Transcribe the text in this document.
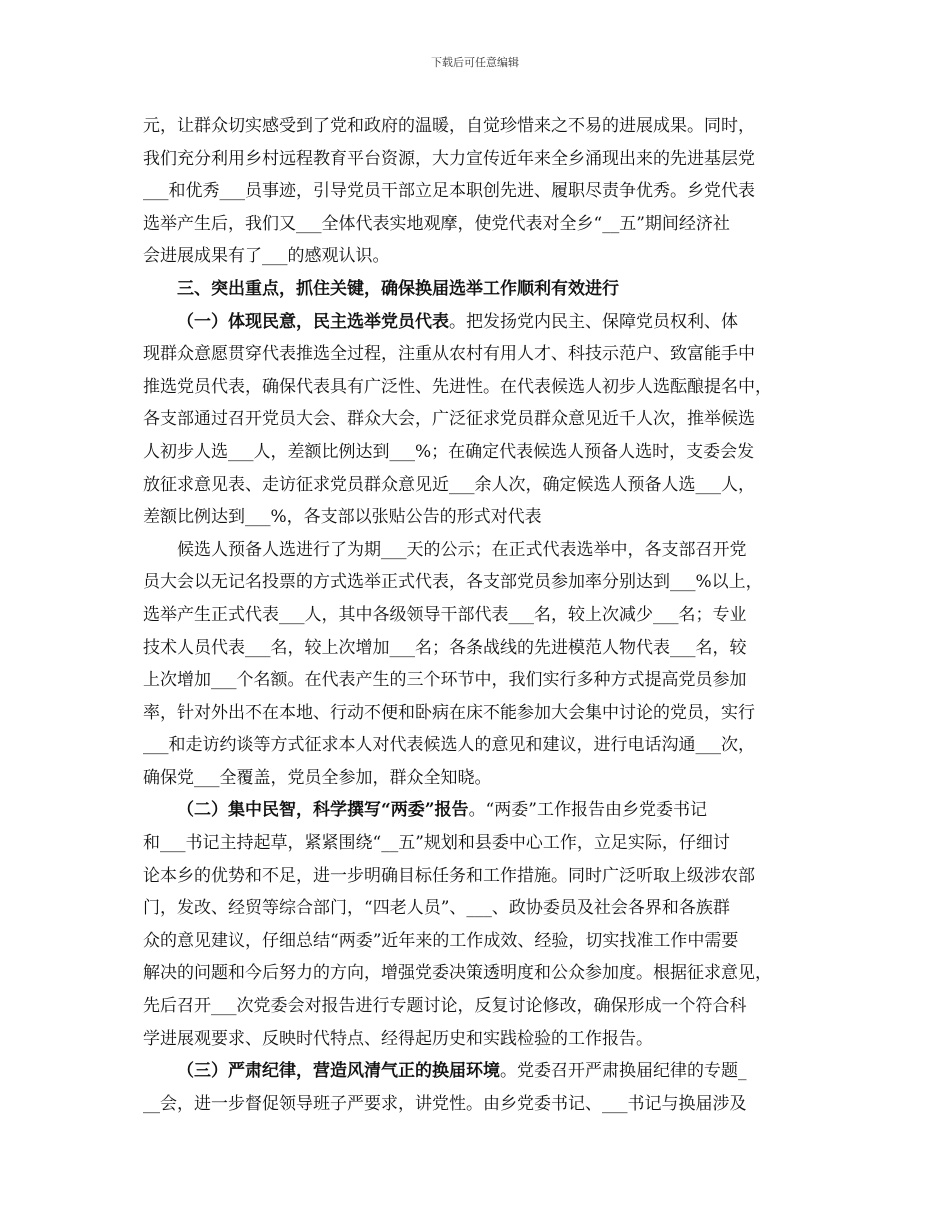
下载后可任意编辑
元，让群众切实感受到了党和政府的温暖，自觉珍惜来之不易的进展成果。同时，
我们充分利用乡村远程教育平台资源，大力宣传近年来全乡涌现出来的先进基层党
___和优秀___员事迹，引导党员干部立足本职创先进、履职尽责争优秀。乡党代表
选举产生后，我们又___全体代表实地观摩，使党代表对全乡“__五”期间经济社
会进展成果有了___的感观认识。
三、突出重点，抓住关键，确保换届选举工作顺利有效进行
（一）体现民意，民主选举党员代表。把发扬党内民主、保障党员权利、体
现群众意愿贯穿代表推选全过程，注重从农村有用人才、科技示范户、致富能手中
推选党员代表，确保代表具有广泛性、先进性。在代表候选人初步人选酝酿提名中，
各支部通过召开党员大会、群众大会，广泛征求党员群众意见近千人次，推举候选
人初步人选___人，差额比例达到___%；在确定代表候选人预备人选时，支委会发
放征求意见表、走访征求党员群众意见近___余人次，确定候选人预备人选___人，
差额比例达到___%，各支部以张贴公告的形式对代表
候选人预备人选进行了为期___天的公示；在正式代表选举中，各支部召开党
员大会以无记名投票的方式选举正式代表，各支部党员参加率分别达到___%以上，
选举产生正式代表___人，其中各级领导干部代表___名，较上次减少___名；专业
技术人员代表___名，较上次增加___名；各条战线的先进模范人物代表___名，较
上次增加___个名额。在代表产生的三个环节中，我们实行多种方式提高党员参加
率，针对外出不在本地、行动不便和卧病在床不能参加大会集中讨论的党员，实行
___和走访约谈等方式征求本人对代表候选人的意见和建议，进行电话沟通___次，
确保党___全覆盖，党员全参加，群众全知晓。
（二）集中民智，科学撰写“两委”报告。“两委”工作报告由乡党委书记
和___书记主持起草，紧紧围绕“__五”规划和县委中心工作，立足实际，仔细讨
论本乡的优势和不足，进一步明确目标任务和工作措施。同时广泛听取上级涉农部
门，发改、经贸等综合部门，“四老人员”、___、政协委员及社会各界和各族群
众的意见建议，仔细总结“两委”近年来的工作成效、经验，切实找准工作中需要
解决的问题和今后努力的方向，增强党委决策透明度和公众参加度。根据征求意见，
先后召开___次党委会对报告进行专题讨论，反复讨论修改，确保形成一个符合科
学进展观要求、反映时代特点、经得起历史和实践检验的工作报告。
（三）严肃纪律，营造风清气正的换届环境。党委召开严肃换届纪律的专题_
__会，进一步督促领导班子严要求，讲党性。由乡党委书记、___书记与换届涉及
